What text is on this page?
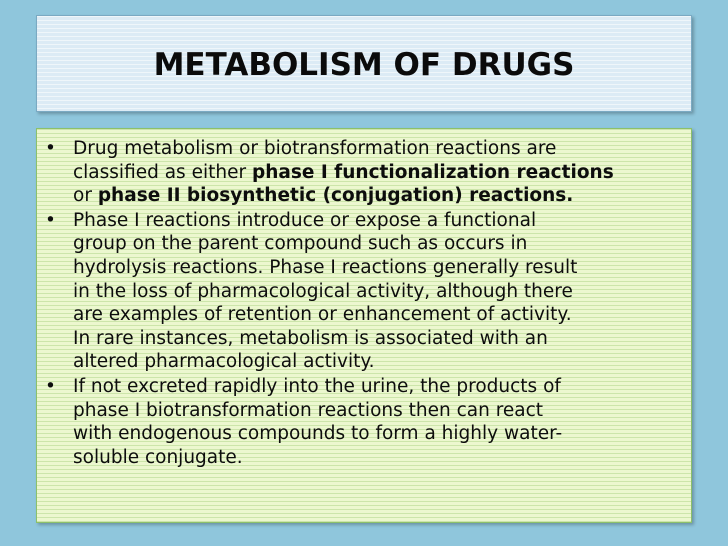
METABOLISM OF DRUGS
• Drug metabolism or biotransformation reactions are
classified as either phase I functionalization reactions
or phase II biosynthetic (conjugation) reactions.
• Phase I reactions introduce or expose a functional
group on the parent compound such as occurs in
hydrolysis reactions. Phase I reactions generally result
in the loss of pharmacological activity, although there
are examples of retention or enhancement of activity.
In rare instances, metabolism is associated with an
altered pharmacological activity.
• If not excreted rapidly into the urine, the products of
phase I biotransformation reactions then can react
with endogenous compounds to form a highly water-
soluble conjugate.
